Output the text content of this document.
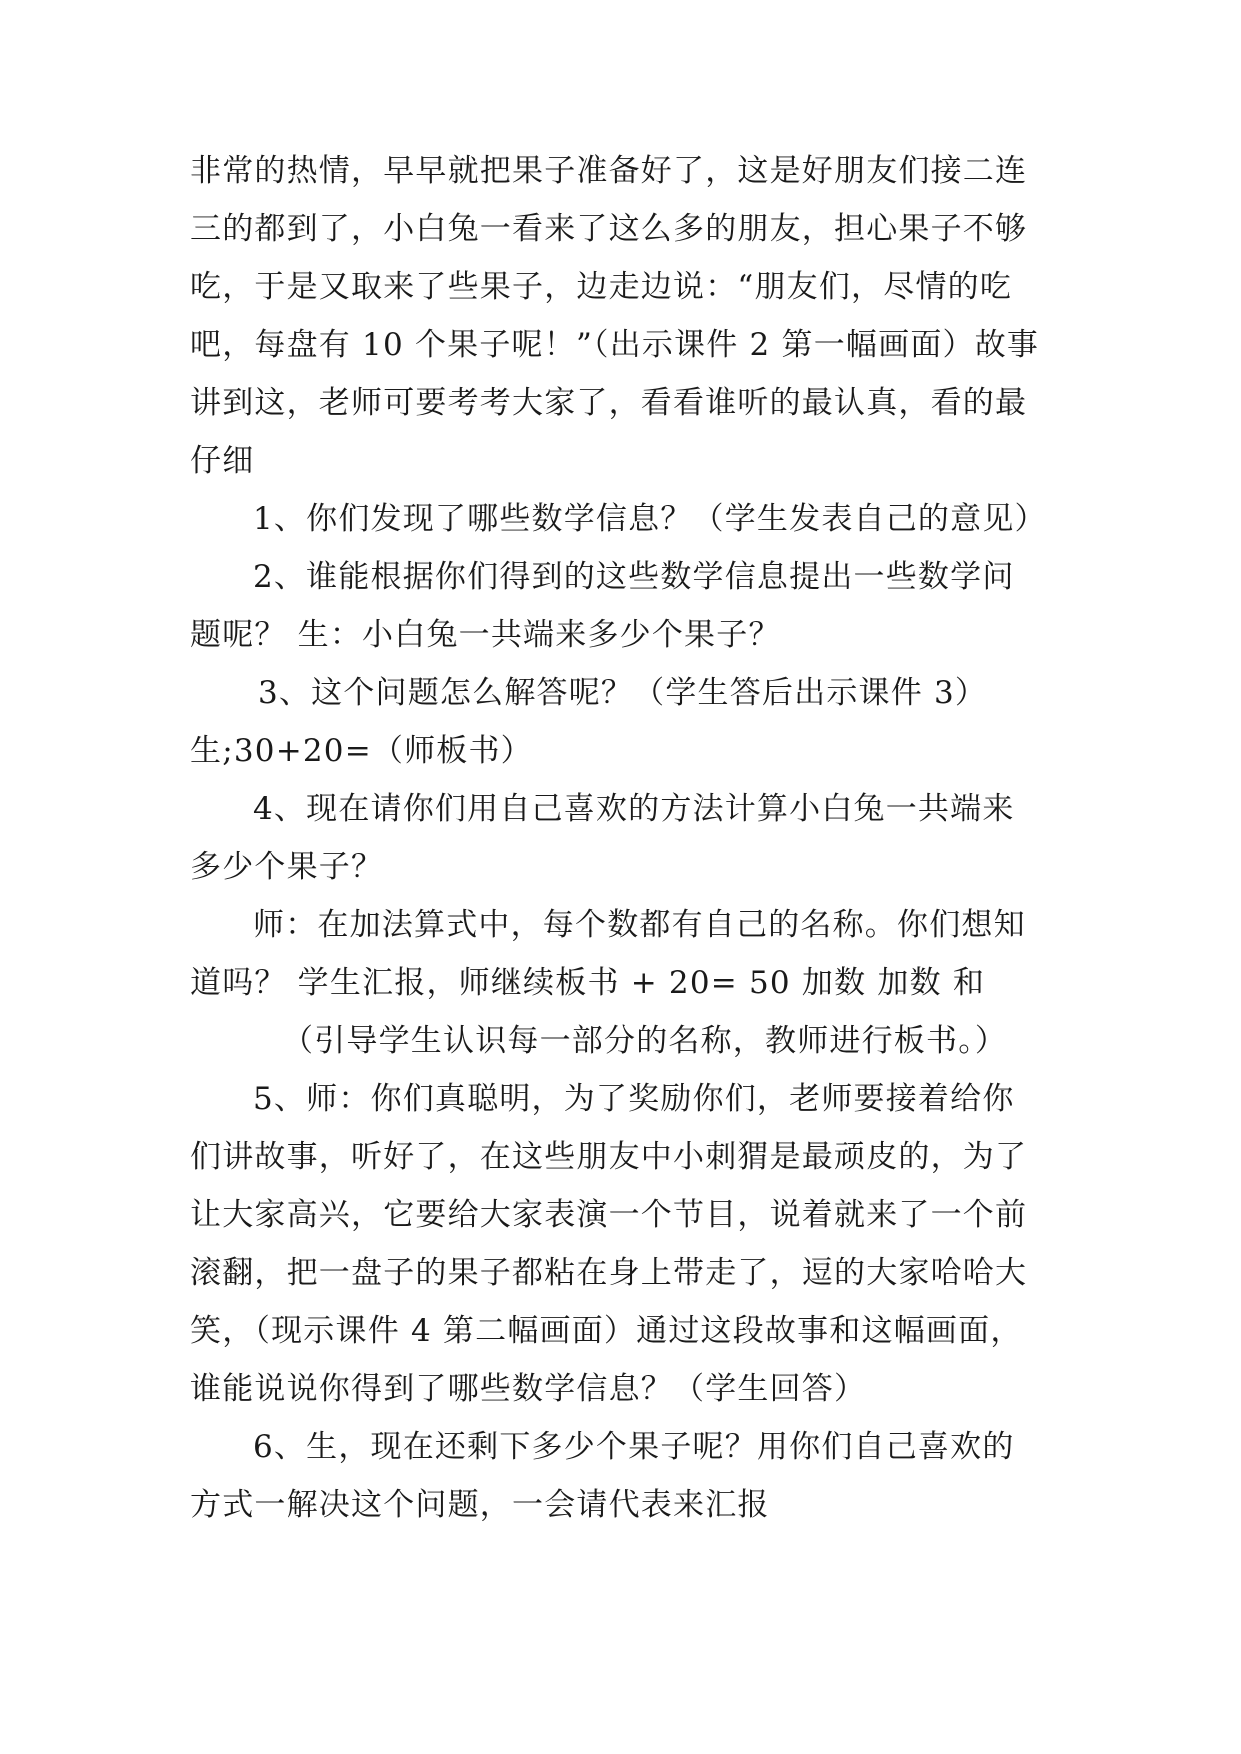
非常的热情，早早就把果子准备好了，这是好朋友们接二连
三的都到了，小白兔一看来了这么多的朋友，担心果子不够
吃，于是又取来了些果子，边走边说：“朋友们，尽情的吃
吧，每盘有 10 个果子呢！”（出示课件 2 第一幅画面）故事
讲到这，老师可要考考大家了，看看谁听的最认真，看的最
仔细
1、你们发现了哪些数学信息？（学生发表自己的意见）
2、谁能根据你们得到的这些数学信息提出一些数学问
题呢？ 生：小白兔一共端来多少个果子？
3、这个问题怎么解答呢？（学生答后出示课件 3）
生;30+20=（师板书）
4、现在请你们用自己喜欢的方法计算小白兔一共端来
多少个果子？
师：在加法算式中，每个数都有自己的名称。你们想知
道吗？ 学生汇报，师继续板书 + 20= 50 加数 加数 和
（引导学生认识每一部分的名称，教师进行板书。）
5、师：你们真聪明，为了奖励你们，老师要接着给你
们讲故事，听好了，在这些朋友中小刺猬是最顽皮的，为了
让大家高兴，它要给大家表演一个节目，说着就来了一个前
滚翻，把一盘子的果子都粘在身上带走了，逗的大家哈哈大
笑，（现示课件 4 第二幅画面）通过这段故事和这幅画面，
谁能说说你得到了哪些数学信息？（学生回答）
6、生，现在还剩下多少个果子呢？用你们自己喜欢的
方式一解决这个问题，一会请代表来汇报
